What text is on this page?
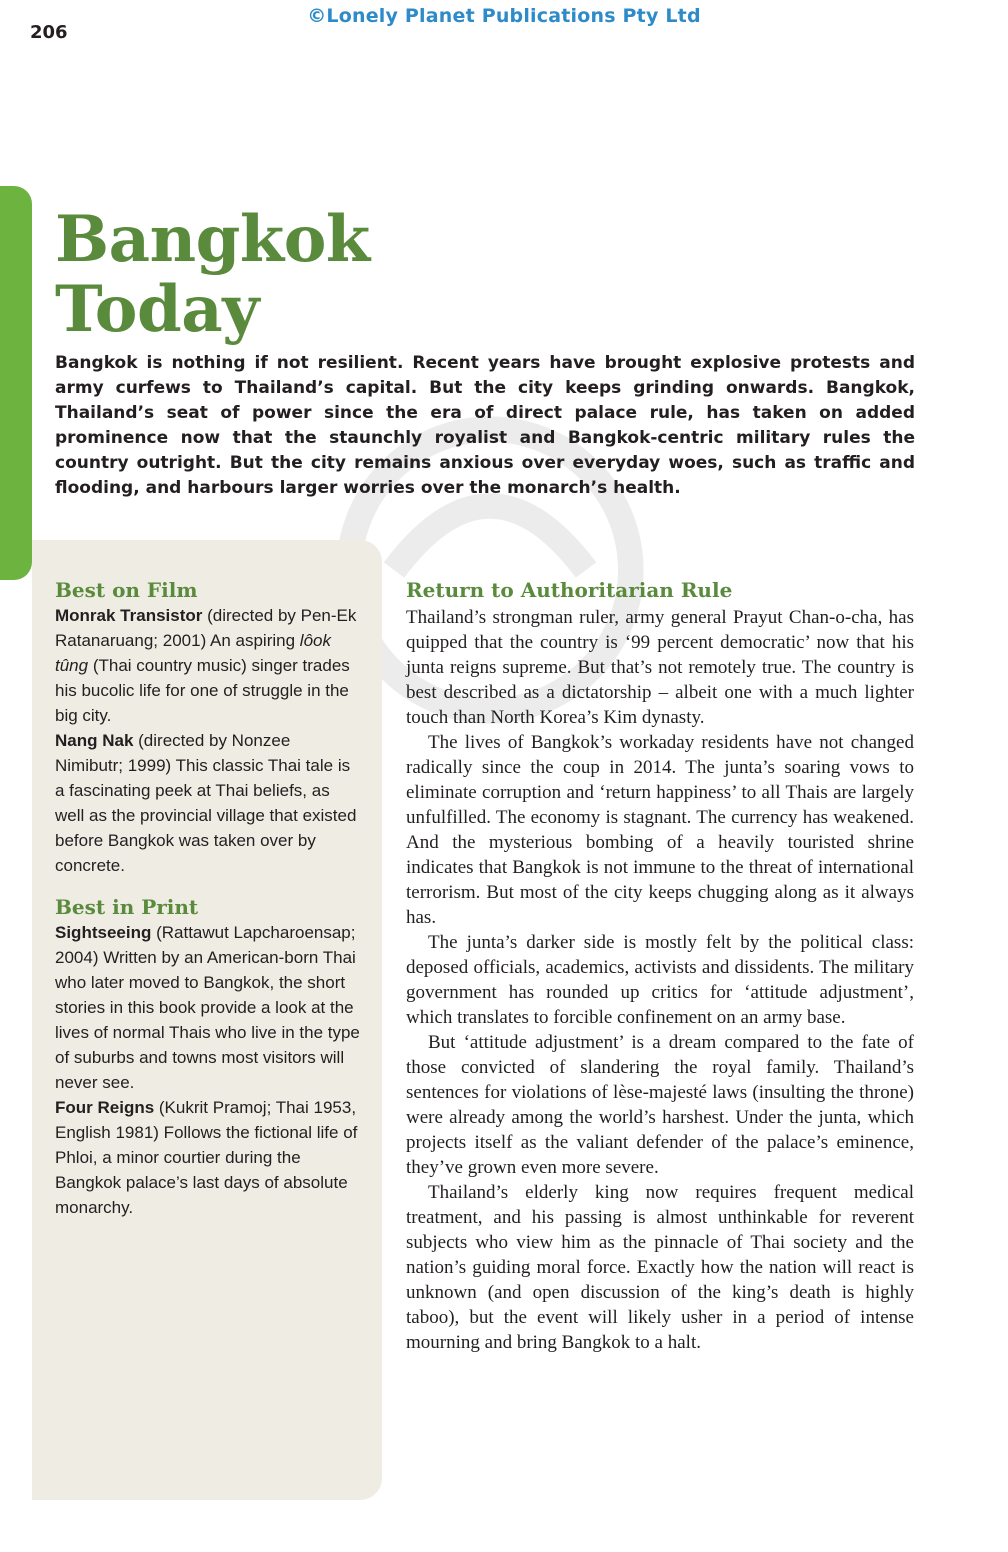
©Lonely Planet Publications Pty Ltd
206
Bangkok
Today

Bangkok is nothing if not resilient. Recent years have brought explosive protests and army curfews to Thailand’s capital. But the city keeps grinding onwards. Bangkok, Thailand’s seat of power since the era of direct palace rule, has taken on added prominence now that the staunchly royalist and Bangkok-centric military rules the country outright. But the city remains anxious over everyday woes, such as traffic and flooding, and harbours larger worries over the monarch’s health.

Best on Film

Monrak Transistor (directed by Pen-Ek Ratanaruang; 2001) An aspiring lôok tûng (Thai country music) singer trades his bucolic life for one of struggle in the big city.

Nang Nak (directed by Nonzee Nimibutr; 1999) This classic Thai tale is a fascinating peek at Thai beliefs, as well as the provincial village that existed before Bangkok was taken over by concrete.

Best in Print

Sightseeing (Rattawut Lapcharoensap; 2004) Written by an American-born Thai who later moved to Bangkok, the short stories in this book provide a look at the lives of normal Thais who live in the type of suburbs and towns most visitors will never see.

Four Reigns (Kukrit Pramoj; Thai 1953, English 1981) Follows the fictional life of Phloi, a minor courtier during the Bangkok palace’s last days of absolute monarchy.

Return to Authoritarian Rule

Thailand’s strongman ruler, army general Prayut Chan-o-cha, has quipped that the country is ‘99 percent democratic’ now that his junta reigns supreme. But that’s not remotely true. The country is best described as a dictatorship – albeit one with a much lighter touch than North Korea’s Kim dynasty.

The lives of Bangkok’s workaday residents have not changed radically since the coup in 2014. The junta’s soaring vows to eliminate corruption and ‘return happiness’ to all Thais are largely unfulfilled. The economy is stagnant. The currency has weakened. And the mysterious bombing of a heavily touristed shrine indicates that Bangkok is not immune to the threat of international terrorism. But most of the city keeps chugging along as it always has.

The junta’s darker side is mostly felt by the political class: deposed officials, academics, activists and dissidents. The military government has rounded up critics for ‘attitude adjustment’, which translates to forcible confinement on an army base.

But ‘attitude adjustment’ is a dream compared to the fate of those convicted of slandering the royal family. Thailand’s sentences for violations of lèse-majesté laws (insulting the throne) were already among the world’s harshest. Under the junta, which projects itself as the valiant defender of the palace’s eminence, they’ve grown even more severe.

Thailand’s elderly king now requires frequent medical treatment, and his passing is almost unthinkable for reverent subjects who view him as the pinnacle of Thai society and the nation’s guiding moral force. Exactly how the nation will react is unknown (and open discussion of the king’s death is highly taboo), but the event will likely usher in a period of intense mourning and bring Bangkok to a halt.
